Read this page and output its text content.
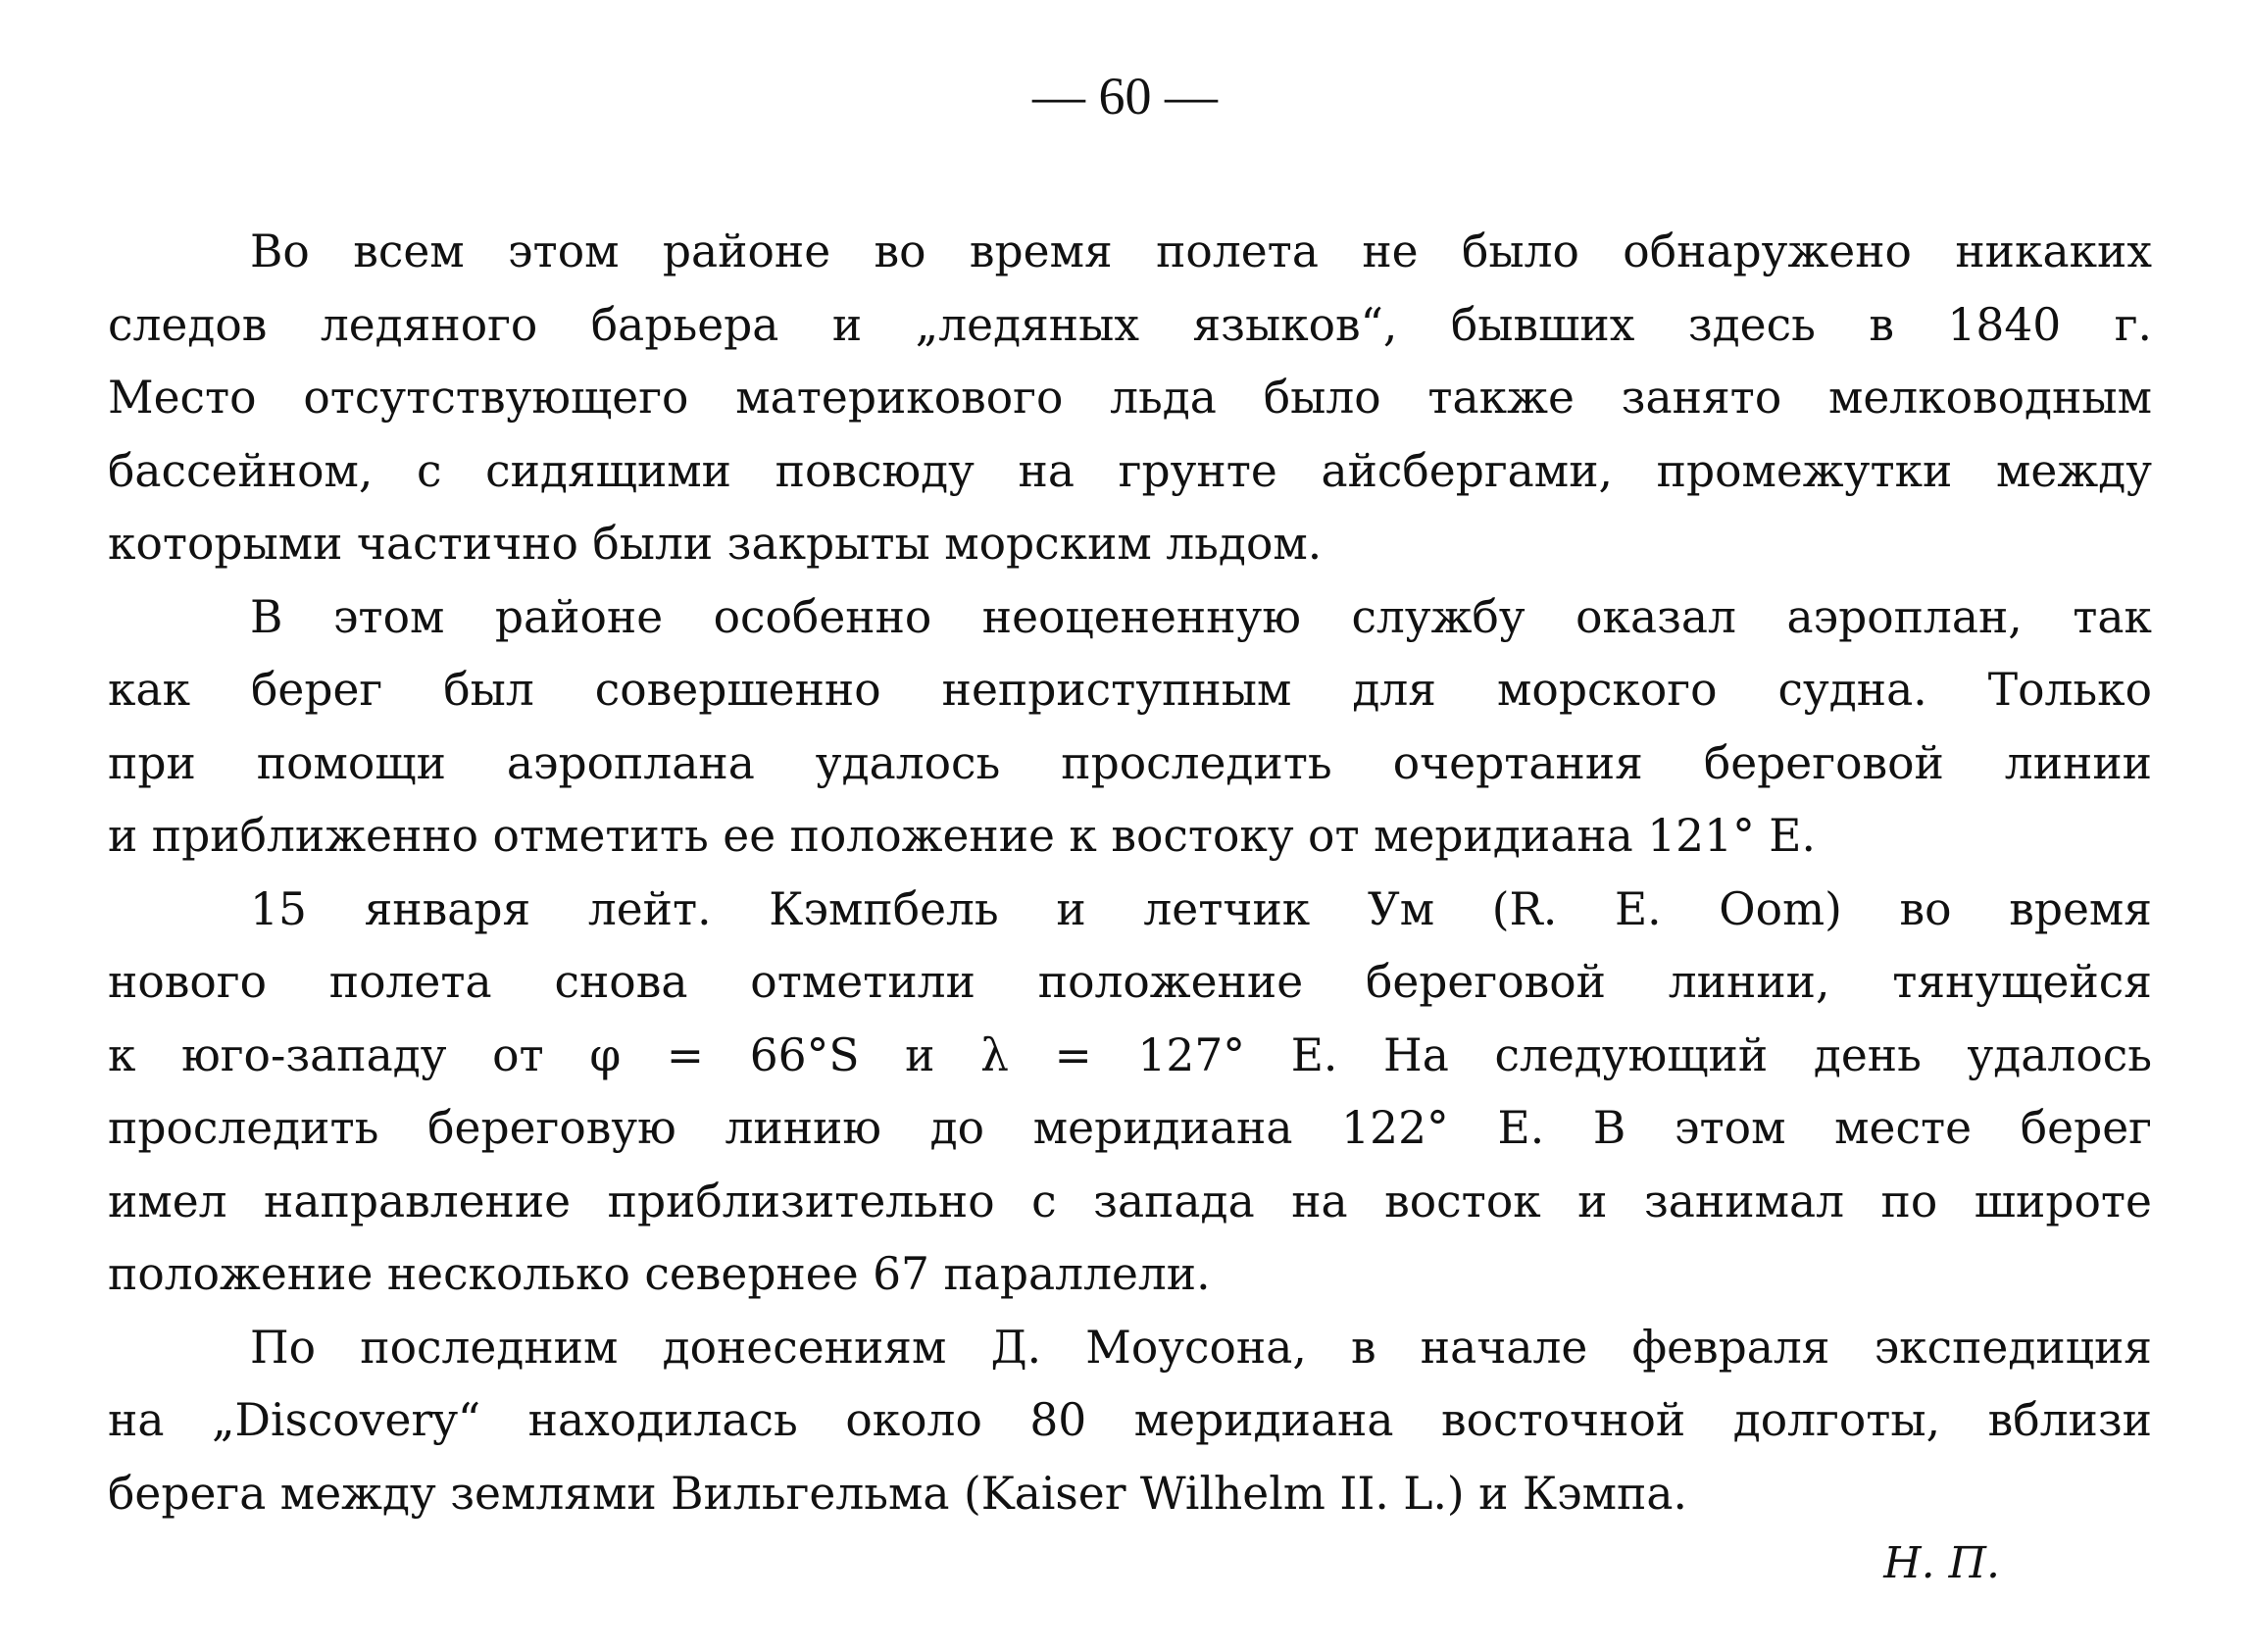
— 60 —

Во всем этом районе во время полета не было обнаружено никаких
следов ледяного барьера и „ледяных языков“, бывших здесь в 1840 г.
Место отсутствующего материкового льда было также занято мелководным
бассейном, с сидящими повсюду на грунте айсбергами, промежутки между
которыми частично были закрыты морским льдом.

В этом районе особенно неоцененную службу оказал аэроплан, так
как берег был совершенно неприступным для морского судна. Только
при помощи аэроплана удалось проследить очертания береговой линии
и приближенно отметить ее положение к востоку от меридиана 121° E.

15 января лейт. Кэмпбель и летчик Ум (R. E. Oom) во время
нового полета снова отметили положение береговой линии, тянущейся
к юго-западу от φ = 66°S и λ = 127° E. На следующий день удалось
проследить береговую линию до меридиана 122° E. В этом месте берег
имел направление приблизительно с запада на восток и занимал по широте
положение несколько севернее 67 параллели.

По последним донесениям Д. Моусона, в начале февраля экспедиция
на „Discovery“ находилась около 80 меридиана восточной долготы, вблизи
берега между землями Вильгельма (Kaiser Wilhelm II. L.) и Кэмпа.

Н. П.
